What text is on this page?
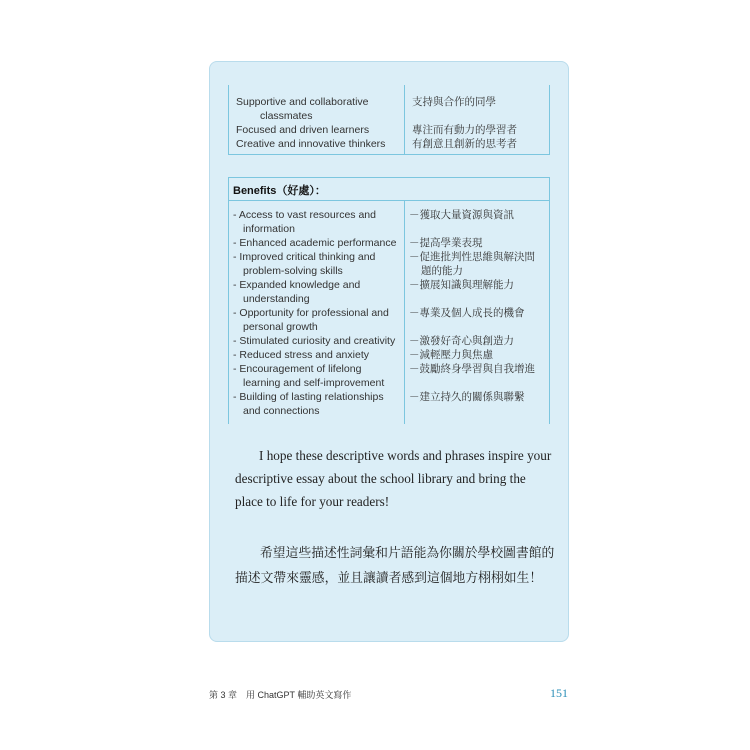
Supportive and collaborative
classmates
Focused and driven learners
Creative and innovative thinkers
支持與合作的同學
專注而有動力的學習者
有創意且創新的思考者
Benefits（好處）：
- Access to vast resources and
information
- Enhanced academic performance
- Improved critical thinking and
problem-solving skills
- Expanded knowledge and
understanding
- Opportunity for professional and
personal growth
- Stimulated curiosity and creativity
- Reduced stress and anxiety
- Encouragement of lifelong
learning and self-improvement
- Building of lasting relationships
and connections
－獲取大量資源與資訊
－提高學業表現
－促進批判性思維與解決問
題的能力
－擴展知識與理解能力
－專業及個人成長的機會
－激發好奇心與創造力
－減輕壓力與焦慮
－鼓勵終身學習與自我增進
－建立持久的關係與聯繫

I hope these descriptive words and phrases inspire your descriptive essay about the school library and bring the place to life for your readers!

希望這些描述性詞彙和片語能為你關於學校圖書館的描述文帶來靈感，並且讓讀者感到這個地方栩栩如生！

第 3 章　用 ChatGPT 輔助英文寫作	151
